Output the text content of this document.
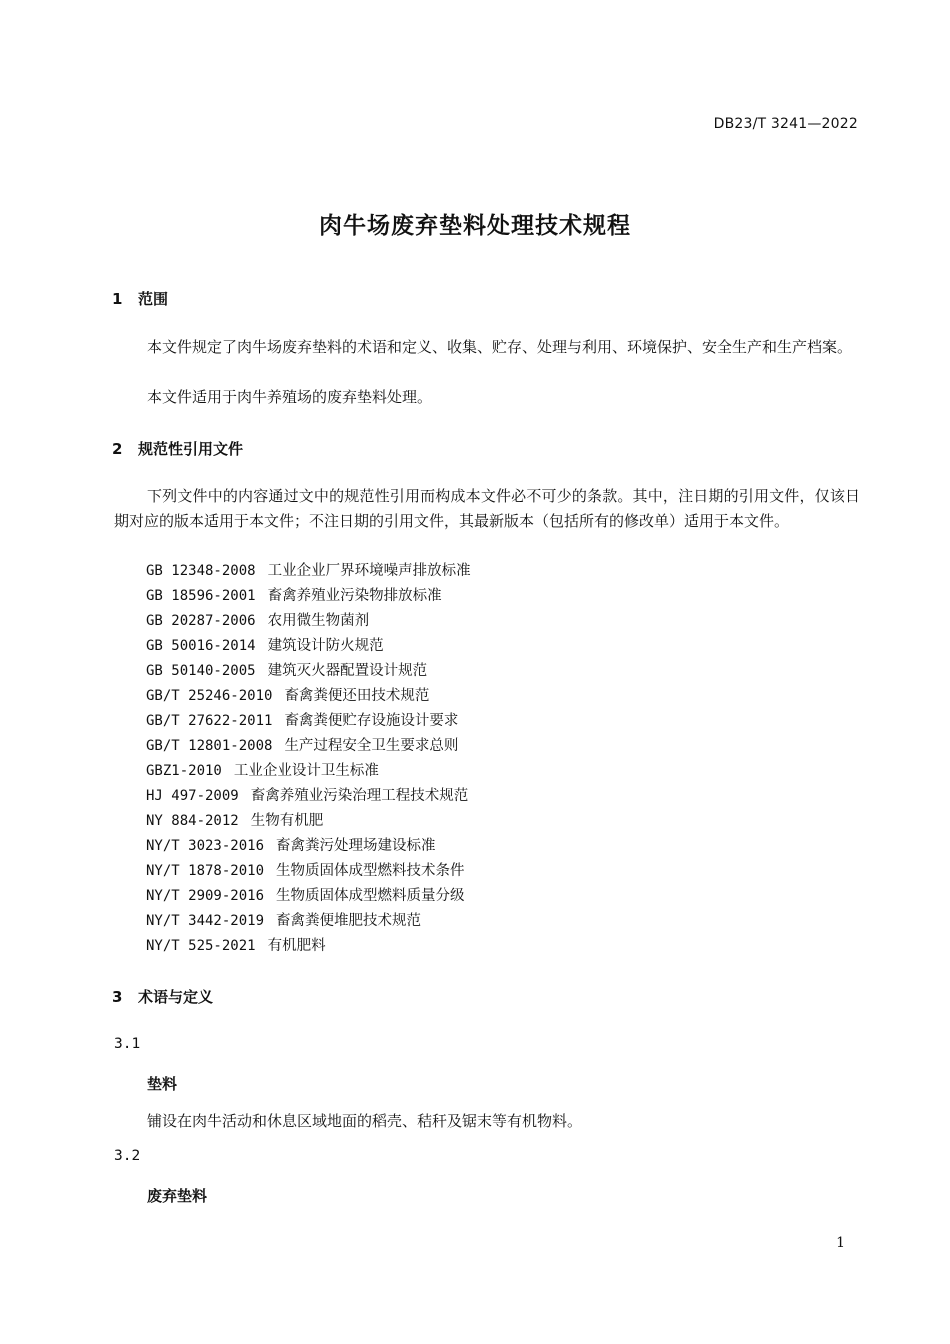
DB23/T 3241—2022
肉牛场废弃垫料处理技术规程
1 范围

本文件规定了肉牛场废弃垫料的术语和定义、收集、贮存、处理与利用、环境保护、安全生产和生产档案。

本文件适用于肉牛养殖场的废弃垫料处理。

2 规范性引用文件

下列文件中的内容通过文中的规范性引用而构成本文件必不可少的条款。其中，注日期的引用文件，仅该日期对应的版本适用于本文件；不注日期的引用文件，其最新版本（包括所有的修改单）适用于本文件。

GB 12348-2008 工业企业厂界环境噪声排放标准
GB 18596-2001 畜禽养殖业污染物排放标准
GB 20287-2006 农用微生物菌剂
GB 50016-2014 建筑设计防火规范
GB 50140-2005 建筑灭火器配置设计规范
GB/T 25246-2010 畜禽粪便还田技术规范
GB/T 27622-2011 畜禽粪便贮存设施设计要求
GB/T 12801-2008 生产过程安全卫生要求总则
GBZ1-2010 工业企业设计卫生标准
HJ 497-2009 畜禽养殖业污染治理工程技术规范
NY 884-2012 生物有机肥
NY/T 3023-2016 畜禽粪污处理场建设标准
NY/T 1878-2010 生物质固体成型燃料技术条件
NY/T 2909-2016 生物质固体成型燃料质量分级
NY/T 3442-2019 畜禽粪便堆肥技术规范
NY/T 525-2021 有机肥料
3 术语与定义
3.1
垫料
铺设在肉牛活动和休息区域地面的稻壳、秸秆及锯末等有机物料。
3.2
废弃垫料
1
